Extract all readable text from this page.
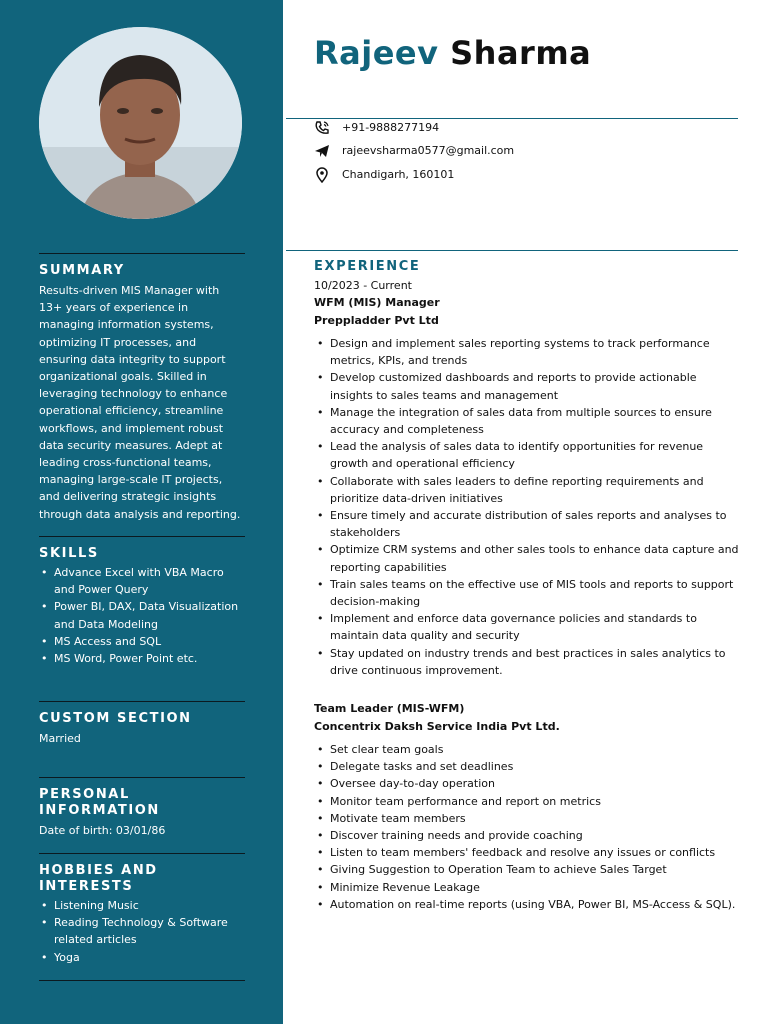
SUMMARY
Results-driven MIS Manager with 13+ years of experience in managing information systems, optimizing IT processes, and ensuring data integrity to support organizational goals. Skilled in leveraging technology to enhance operational efficiency, streamline workflows, and implement robust data security measures. Adept at leading cross-functional teams, managing large-scale IT projects, and delivering strategic insights through data analysis and reporting.
SKILLS
• Advance Excel with VBA Macro and Power Query
• Power BI, DAX, Data Visualization and Data Modeling
• MS Access and SQL
• MS Word, Power Point etc.
CUSTOM SECTION
Married
PERSONAL INFORMATION
Date of birth: 03/01/86
HOBBIES AND INTERESTS
• Listening Music
• Reading Technology & Software related articles
• Yoga
Rajeev Sharma
+91-9888277194
rajeevsharma0577@gmail.com
Chandigarh, 160101
EXPERIENCE
10/2023 - Current
WFM (MIS) Manager
Preppladder Pvt Ltd
• Design and implement sales reporting systems to track performance metrics, KPIs, and trends
• Develop customized dashboards and reports to provide actionable insights to sales teams and management
• Manage the integration of sales data from multiple sources to ensure accuracy and completeness
• Lead the analysis of sales data to identify opportunities for revenue growth and operational efficiency
• Collaborate with sales leaders to define reporting requirements and prioritize data-driven initiatives
• Ensure timely and accurate distribution of sales reports and analyses to stakeholders
• Optimize CRM systems and other sales tools to enhance data capture and reporting capabilities
• Train sales teams on the effective use of MIS tools and reports to support decision-making
• Implement and enforce data governance policies and standards to maintain data quality and security
• Stay updated on industry trends and best practices in sales analytics to drive continuous improvement.
Team Leader (MIS-WFM)
Concentrix Daksh Service India Pvt Ltd.
• Set clear team goals
• Delegate tasks and set deadlines
• Oversee day-to-day operation
• Monitor team performance and report on metrics
• Motivate team members
• Discover training needs and provide coaching
• Listen to team members' feedback and resolve any issues or conflicts
• Giving Suggestion to Operation Team to achieve Sales Target
• Minimize Revenue Leakage
• Automation on real-time reports (using VBA, Power BI, MS-Access & SQL).
